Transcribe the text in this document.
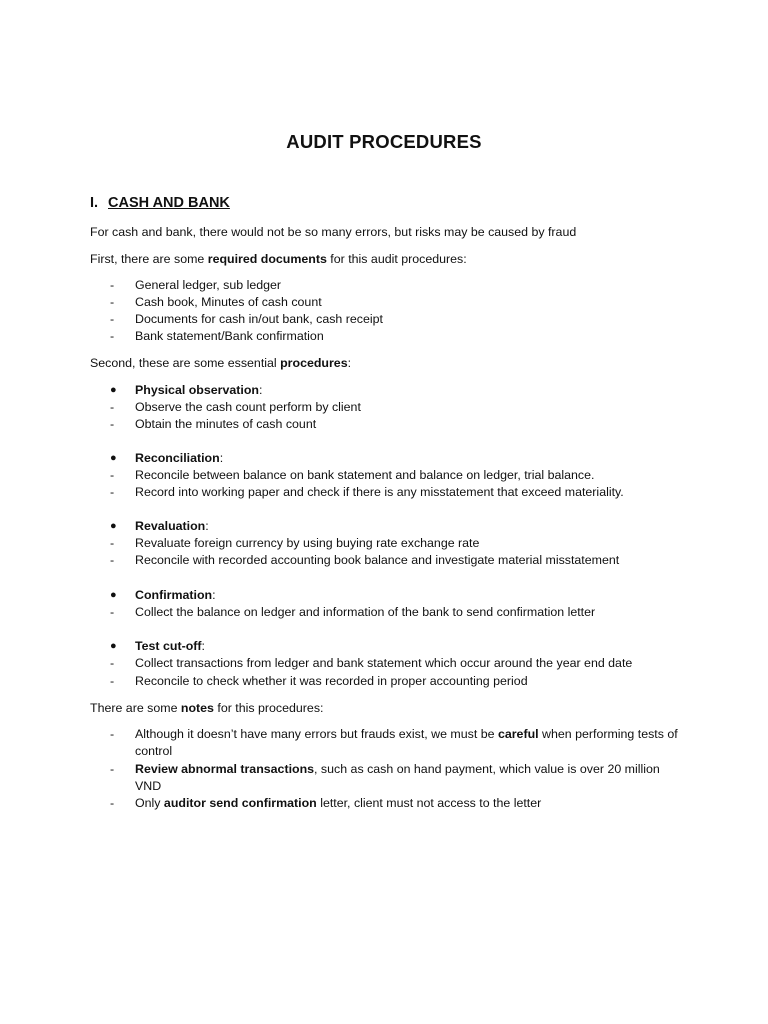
AUDIT PROCEDURES
I. CASH AND BANK
For cash and bank, there would not be so many errors, but risks may be caused by fraud
First, there are some required documents for this audit procedures:
-	General ledger, sub ledger
-	Cash book, Minutes of cash count
-	Documents for cash in/out bank, cash receipt
-	Bank statement/Bank confirmation
Second, these are some essential procedures:
●	Physical observation:
-	Observe the cash count perform by client
-	Obtain the minutes of cash count
●	Reconciliation:
-	Reconcile between balance on bank statement and balance on ledger, trial balance.
-	Record into working paper and check if there is any misstatement that exceed materiality.
●	Revaluation:
-	Revaluate foreign currency by using buying rate exchange rate
-	Reconcile with recorded accounting book balance and investigate material misstatement
●	Confirmation:
-	Collect the balance on ledger and information of the bank to send confirmation letter
●	Test cut-off:
-	Collect transactions from ledger and bank statement which occur around the year end date
-	Reconcile to check whether it was recorded in proper accounting period
There are some notes for this procedures:
-	Although it doesn’t have many errors but frauds exist, we must be careful when performing tests of control
-	Review abnormal transactions, such as cash on hand payment, which value is over 20 million VND
-	Only auditor send confirmation letter, client must not access to the letter
